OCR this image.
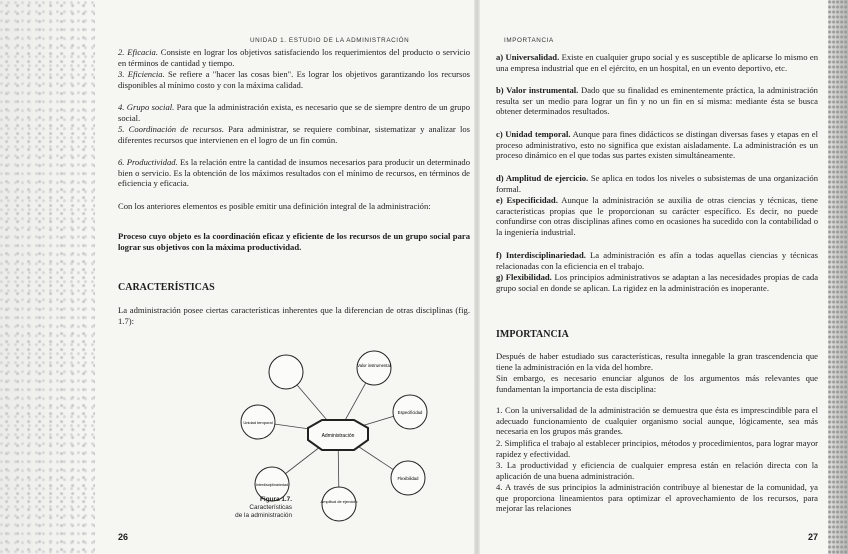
UNIDAD 1. ESTUDIO DE LA ADMINISTRACIÓN

2. Eficacia. Consiste en lograr los objetivos satisfaciendo los requerimientos del producto o servicio en términos de cantidad y tiempo.

3. Eficiencia. Se refiere a "hacer las cosas bien". Es lograr los objetivos garantizando los recursos disponibles al mínimo costo y con la máxima calidad.

4. Grupo social. Para que la administración exista, es necesario que se de siempre dentro de un grupo social.

5. Coordinación de recursos. Para administrar, se requiere combinar, sistematizar y analizar los diferentes recursos que intervienen en el logro de un fin común.

6. Productividad. Es la relación entre la cantidad de insumos necesarios para producir un determinado bien o servicio. Es la obtención de los máximos resultados con el mínimo de recursos, en términos de eficiencia y eficacia.

Con los anteriores elementos es posible emitir una definición integral de la administración:

Proceso cuyo objeto es la coordinación eficaz y eficiente de los recursos de un grupo social para lograr sus objetivos con la máxima productividad.

CARACTERÍSTICAS

La administración posee ciertas características inherentes que la diferencian de otras disciplinas (fig. 1.7):

Administración
Valor instrumental
Especificidad
Flexibilidad
Amplitud de ejercicio
Interdisciplinariedad
Unidad temporal
Figura 1.7.
Características
de la administración
26
IMPORTANCIA

a) Universalidad. Existe en cualquier grupo social y es susceptible de aplicarse lo mismo en una empresa industrial que en el ejército, en un hospital, en un evento deportivo, etc.

b) Valor instrumental. Dado que su finalidad es eminentemente práctica, la administración resulta ser un medio para lograr un fin y no un fin en sí misma: mediante ésta se busca obtener determinados resultados.

c) Unidad temporal. Aunque para fines didácticos se distingan diversas fases y etapas en el proceso administrativo, esto no significa que existan aisladamente. La administración es un proceso dinámico en el que todas sus partes existen simultáneamente.

d) Amplitud de ejercicio. Se aplica en todos los niveles o subsistemas de una organización formal.

e) Especificidad. Aunque la administración se auxilia de otras ciencias y técnicas, tiene características propias que le proporcionan su carácter específico. Es decir, no puede confundirse con otras disciplinas afines como en ocasiones ha sucedido con la contabilidad o la ingeniería industrial.

f) Interdisciplinariedad. La administración es afín a todas aquellas ciencias y técnicas relacionadas con la eficiencia en el trabajo.

g) Flexibilidad. Los principios administrativos se adaptan a las necesidades propias de cada grupo social en donde se aplican. La rigidez en la administración es inoperante.

IMPORTANCIA

Después de haber estudiado sus características, resulta innegable la gran trascendencia que tiene la administración en la vida del hombre.

Sin embargo, es necesario enunciar algunos de los argumentos más relevantes que fundamentan la importancia de esta disciplina:

1. Con la universalidad de la administración se demuestra que ésta es imprescindible para el adecuado funcionamiento de cualquier organismo social aunque, lógicamente, sea más necesaria en los grupos más grandes.

2. Simplifica el trabajo al establecer principios, métodos y procedimientos, para lograr mayor rapidez y efectividad.

3. La productividad y eficiencia de cualquier empresa están en relación directa con la aplicación de una buena administración.

4. A través de sus principios la administración contribuye al bienestar de la comunidad, ya que proporciona lineamientos para optimizar el aprovechamiento de los recursos, para mejorar las relaciones

27
